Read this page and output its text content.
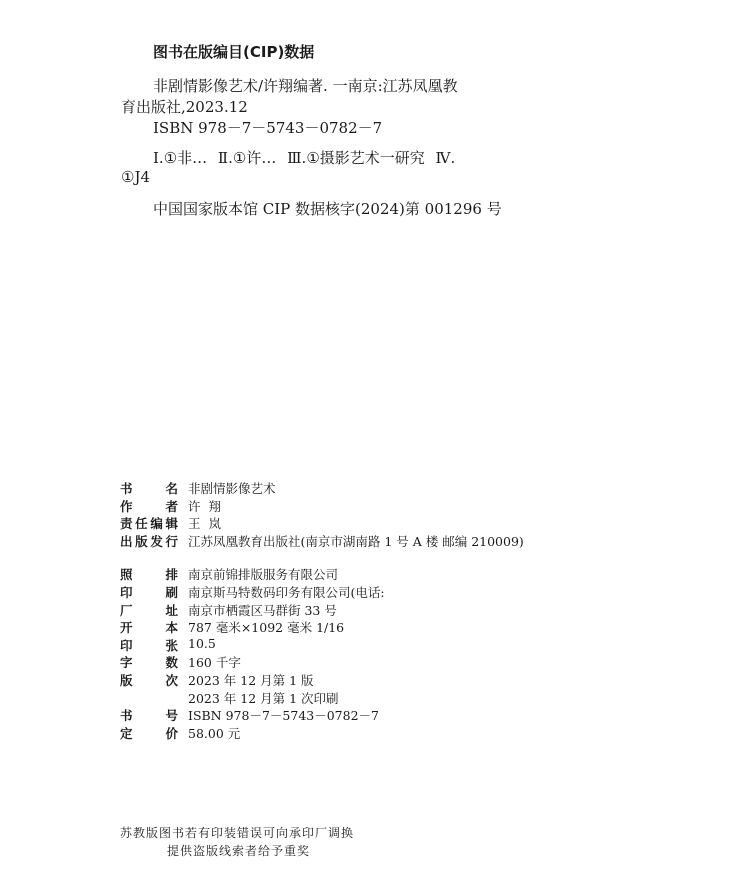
图书在版编目(CIP)数据
非剧情影像艺术/许翔编著. 一南京:江苏凤凰教
育出版社,2023.12
ISBN 978－7－5743－0782－7
Ⅰ.①非… Ⅱ.①许… Ⅲ.①摄影艺术一研究 Ⅳ.
①J4
中国国家版本馆 CIP 数据核字(2024)第 001296 号
书名 非剧情影像艺术
作者 许 翔
责任编辑 王 岚
出版发行 江苏凤凰教育出版社(南京市湖南路 1 号 A 楼 邮编 210009)
照排 南京前锦排版服务有限公司
印刷 南京斯马特数码印务有限公司(电话:
厂址 南京市栖霞区马群街 33 号
开本 787 毫米×1092 毫米 1/16
印张 10.5
字数 160 千字
版次 2023 年 12 月第 1 版
2023 年 12 月第 1 次印刷
书号 ISBN 978－7－5743－0782－7
定价 58.00 元
苏教版图书若有印装错误可向承印厂调换
提供盗版线索者给予重奖
